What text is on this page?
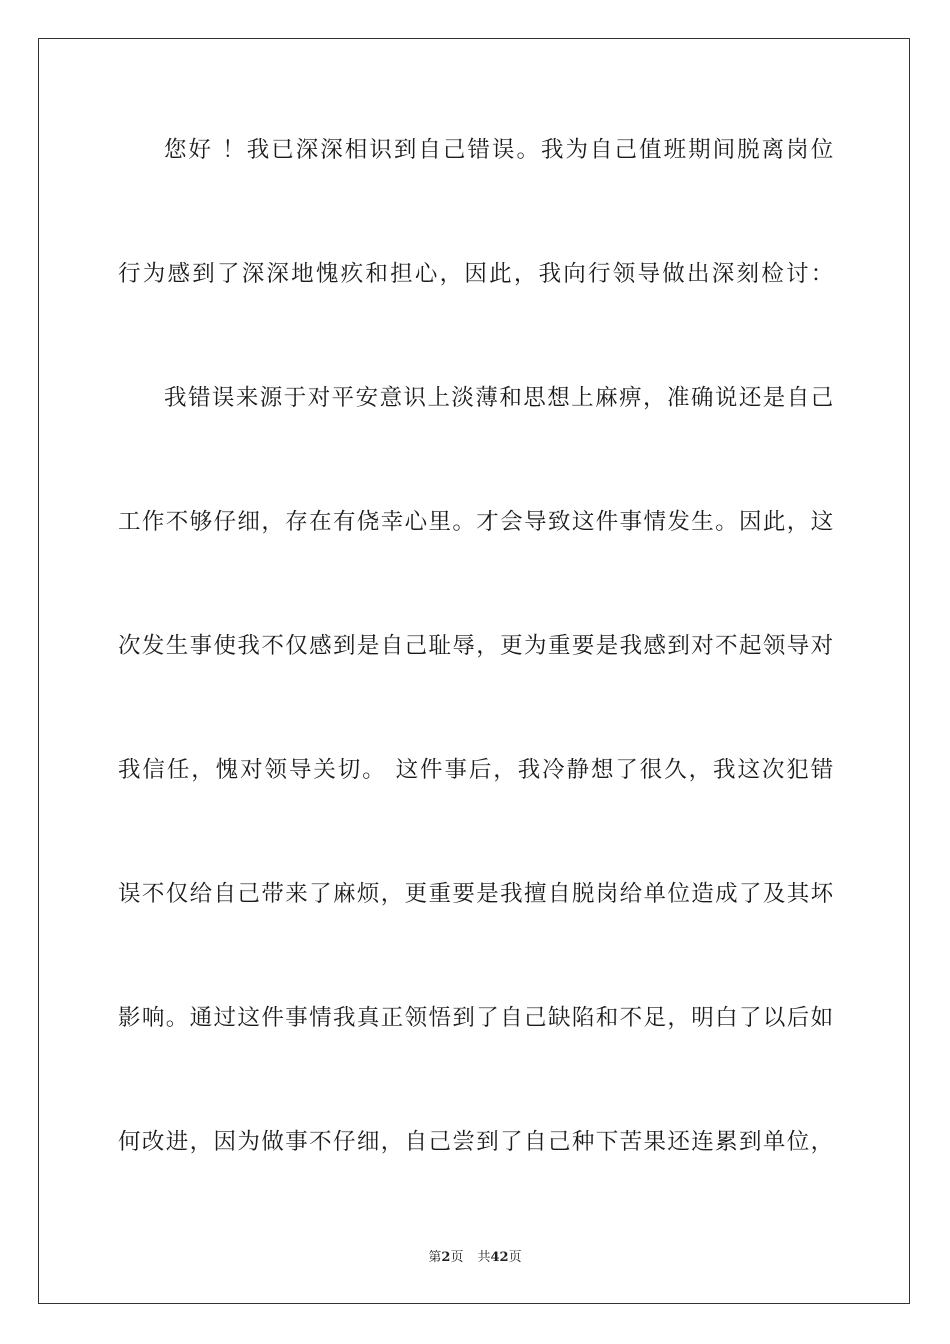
您好 ！我已深深相识到自己错误。我为自己值班期间脱离岗位
行为感到了深深地愧疚和担心，因此，我向行领导做出深刻检讨：
我错误来源于对平安意识上淡薄和思想上麻痹，准确说还是自己
工作不够仔细，存在有侥幸心里。才会导致这件事情发生。因此，这
次发生事使我不仅感到是自己耻辱，更为重要是我感到对不起领导对
我信任，愧对领导关切。 这件事后，我冷静想了很久，我这次犯错
误不仅给自己带来了麻烦，更重要是我擅自脱岗给单位造成了及其坏
影响。通过这件事情我真正领悟到了自己缺陷和不足，明白了以后如
何改进，因为做事不仔细，自己尝到了自己种下苦果还连累到单位，
第2页 共42页
